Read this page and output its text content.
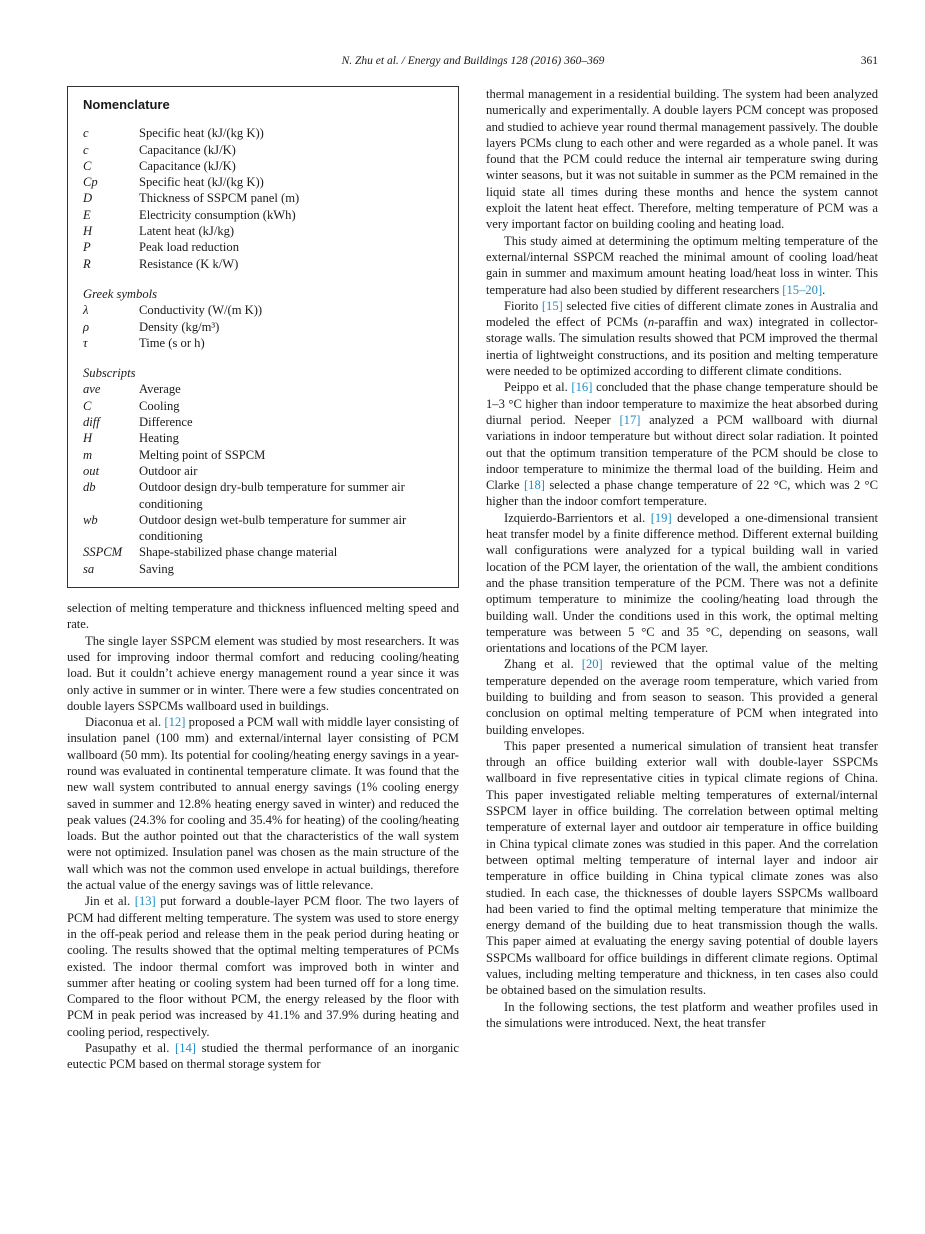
N. Zhu et al. / Energy and Buildings 128 (2016) 360–369	361
Nomenclature
c	Specific heat (kJ/(kg K))
c	Capacitance (kJ/K)
C	Capacitance (kJ/K)
Cp	Specific heat (kJ/(kg K))
D	Thickness of SSPCM panel (m)
E	Electricity consumption (kWh)
H	Latent heat (kJ/kg)
P	Peak load reduction
R	Resistance (K k/W)
Greek symbols
λ	Conductivity (W/(m K))
ρ	Density (kg/m³)
τ	Time (s or h)
Subscripts
ave	Average
C	Cooling
diff	Difference
H	Heating
m	Melting point of SSPCM
out	Outdoor air
db	Outdoor design dry-bulb temperature for summer air conditioning
wb	Outdoor design wet-bulb temperature for summer air conditioning
SSPCM	Shape-stabilized phase change material
sa	Saving

selection of melting temperature and thickness influenced melting speed and rate.

The single layer SSPCM element was studied by most researchers. It was used for improving indoor thermal comfort and reducing cooling/heating load. But it couldn’t achieve energy management round a year since it was only active in summer or in winter. There were a few studies concentrated on double layers SSPCMs wallboard used in buildings.

Diaconua et al. [12] proposed a PCM wall with middle layer consisting of insulation panel (100 mm) and external/internal layer consisting of PCM wallboard (50 mm). Its potential for cooling/heating energy savings in a year-round was evaluated in continental temperature climate. It was found that the new wall system contributed to annual energy savings (1% cooling energy saved in summer and 12.8% heating energy saved in winter) and reduced the peak values (24.3% for cooling and 35.4% for heating) of the cooling/heating loads. But the author pointed out that the characteristics of the wall system were not optimized. Insulation panel was chosen as the main structure of the wall which was not the common used envelope in actual buildings, therefore the actual value of the energy savings was of little relevance.

Jin et al. [13] put forward a double-layer PCM floor. The two layers of PCM had different melting temperature. The system was used to store energy in the off-peak period and release them in the peak period during heating or cooling. The results showed that the optimal melting temperatures of PCMs existed. The indoor thermal comfort was improved both in winter and summer after heating or cooling system had been turned off for a long time. Compared to the floor without PCM, the energy released by the floor with PCM in peak period was increased by 41.1% and 37.9% during heating and cooling period, respectively.

Pasupathy et al. [14] studied the thermal performance of an inorganic eutectic PCM based on thermal storage system for

thermal management in a residential building. The system had been analyzed numerically and experimentally. A double layers PCM concept was proposed and studied to achieve year round thermal management passively. The double layers PCMs clung to each other and were regarded as a whole panel. It was found that the PCM could reduce the internal air temperature swing during winter seasons, but it was not suitable in summer as the PCM remained in the liquid state all times during these months and hence the system cannot exploit the latent heat effect. Therefore, melting temperature of PCM was a very important factor on building cooling and heating load.

This study aimed at determining the optimum melting temperature of the external/internal SSPCM reached the minimal amount of cooling load/heat gain in summer and maximum amount heating load/heat loss in winter. This temperature had also been studied by different researchers [15–20].

Fiorito [15] selected five cities of different climate zones in Australia and modeled the effect of PCMs (n-paraffin and wax) integrated in collector-storage walls. The simulation results showed that PCM improved the thermal inertia of lightweight constructions, and its position and melting temperature were needed to be optimized according to different climate conditions.

Peippo et al. [16] concluded that the phase change temperature should be 1–3 °C higher than indoor temperature to maximize the heat absorbed during diurnal period. Neeper [17] analyzed a PCM wallboard with diurnal variations in indoor temperature but without direct solar radiation. It pointed out that the optimum transition temperature of the PCM should be close to indoor temperature to minimize the thermal load of the building. Heim and Clarke [18] selected a phase change temperature of 22 °C, which was 2 °C higher than the indoor comfort temperature.

Izquierdo-Barrientors et al. [19] developed a one-dimensional transient heat transfer model by a finite difference method. Different external building wall configurations were analyzed for a typical building wall in varied location of the PCM layer, the orientation of the wall, the ambient conditions and the phase transition temperature of the PCM. There was not a definite optimum temperature to minimize the cooling/heating load through the building wall. Under the conditions used in this work, the optimal melting temperature was between 5 °C and 35 °C, depending on seasons, wall orientations and locations of the PCM layer.

Zhang et al. [20] reviewed that the optimal value of the melting temperature depended on the average room temperature, which varied from building to building and from season to season. This provided a general conclusion on optimal melting temperature of PCM when integrated into building envelopes.

This paper presented a numerical simulation of transient heat transfer through an office building exterior wall with double-layer SSPCMs wallboard in five representative cities in typical climate regions of China. This paper investigated reliable melting temperatures of external/internal SSPCM layer in office building. The correlation between optimal melting temperature of external layer and outdoor air temperature in office building in China typical climate zones was studied in this paper. And the correlation between optimal melting temperature of internal layer and indoor air temperature in office building in China typical climate zones was also studied. In each case, the thicknesses of double layers SSPCMs wallboard had been varied to find the optimal melting temperature that minimize the energy demand of the building due to heat transmission though the walls. This paper aimed at evaluating the energy saving potential of double layers SSPCMs wallboard for office buildings in different climate regions. Optimal values, including melting temperature and thickness, in ten cases also could be obtained based on the simulation results.

In the following sections, the test platform and weather profiles used in the simulations were introduced. Next, the heat transfer
